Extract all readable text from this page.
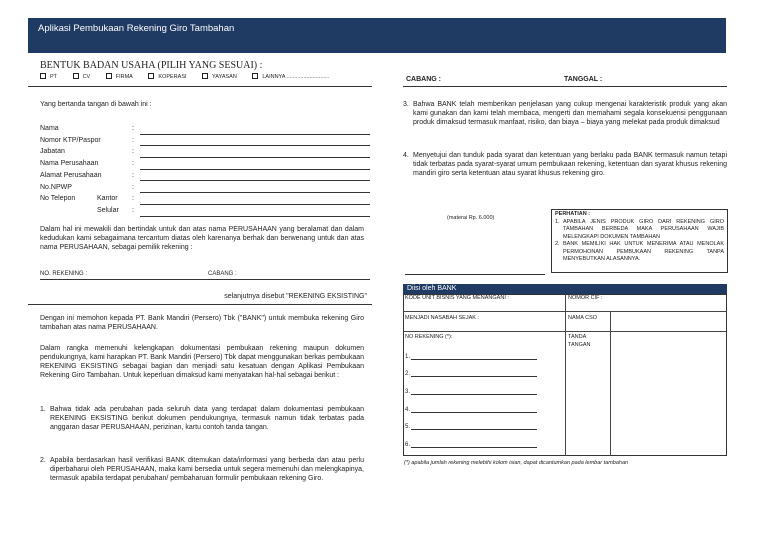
Aplikasi Pembukaan Rekening Giro Tambahan
BENTUK BADAN USAHA (PILIH YANG SESUAI) :
PT	CV	FIRMA	KOPERASI	YAYASAN	LAINNYA ............................
Yang bertanda tangan di bawah ini :
Nama	:
Nomor KTP/Paspor	:
Jabatan	:
Nama Perusahaan	:
Alamat Perusahaan	:
No.NPWP	:
No Telepon	Kantor :
Selular :
Dalam hal ini mewakili dan bertindak untuk dan atas nama PERUSAHAAN yang beralamat dan dalam kedudukan kami sebagaimana tercantum diatas oleh karenanya berhak dan berwenang untuk dan atas nama PERUSAHAAN, sebagai pemilik rekening :
NO. REKENING :	CABANG :
selanjutnya disebut "REKENING EKSISTING"
Dengan ini memohon kepada PT. Bank Mandiri (Persero) Tbk ("BANK") untuk membuka rekening Giro tambahan atas nama PERUSAHAAN.
Dalam rangka memenuhi kelengkapan dokumentasi pembukaan rekening maupun dokumen pendukungnya, kami harapkan PT. Bank Mandiri (Persero) Tbk dapat menggunakan berkas pembukaan REKENING EKSISTING sebagai bagian dan menjadi satu kesatuan dengan Aplikasi Pembukaan Rekening Giro Tambahan. Untuk keperluan dimaksud kami menyatakan hal-hal sebagai berikut :
1. Bahwa tidak ada perubahan pada seluruh data yang terdapat dalam dokumentasi pembukaan REKENING EKSISTING berikut dokumen pendukungnya, termasuk namun tidak terbatas pada anggaran dasar PERUSAHAAN, perizinan, kartu contoh tanda tangan.
2. Apabila berdasarkan hasil verifikasi BANK ditemukan data/informasi yang berbeda dan atau perlu diperbaharui oleh PERUSAHAAN, maka kami bersedia untuk segera memenuhi dan melengkapinya, termasuk apabila terdapat perubahan/ pembaharuan formulir pembukaan rekening Giro.
CABANG :	TANGGAL :
3. Bahwa BANK telah memberikan penjelasan yang cukup mengenai karakteristik produk yang akan kami gunakan dan kami telah membaca, mengerti dan memahami segala konsekuensi penggunaan produk dimaksud termasuk manfaat, risiko, dan biaya – biaya yang melekat pada produk dimaksud
4. Menyetujui dan tunduk pada syarat dan ketentuan yang berlaku pada BANK termasuk namun tetapi tidak terbatas pada syarat-syarat umum pembukaan rekening, ketentuan dan syarat khusus rekening mandiri giro serta ketentuan atau syarat khusus rekening giro.
(materai Rp. 6.000)
PERHATIAN :
1. APABILA JENIS PRODUK GIRO DARI REKENING GIRO TAMBAHAN BERBEDA MAKA PERUSAHAAN WAJIB MELENGKAPI DOKUMEN TAMBAHAN
2. BANK MEMILIKI HAK UNTUK MENERIMA ATAU MENOLAK PERMOHONAN PEMBUKAAN REKENING TANPA MENYEBUTKAN ALASANNYA.
Diisi oleh BANK
KODE UNIT BISNIS YANG MENANGANI :	NOMOR CIF :
MENJADI NASABAH SEJAK :	NAMA CSO
NO REKENING (*):	TANDA TANGAN
1.
2.
3.
4.
5.
6.
(*) apabila jumlah rekening melebihi kolom isian, dapat dicantumkan pada lembar tambahan
